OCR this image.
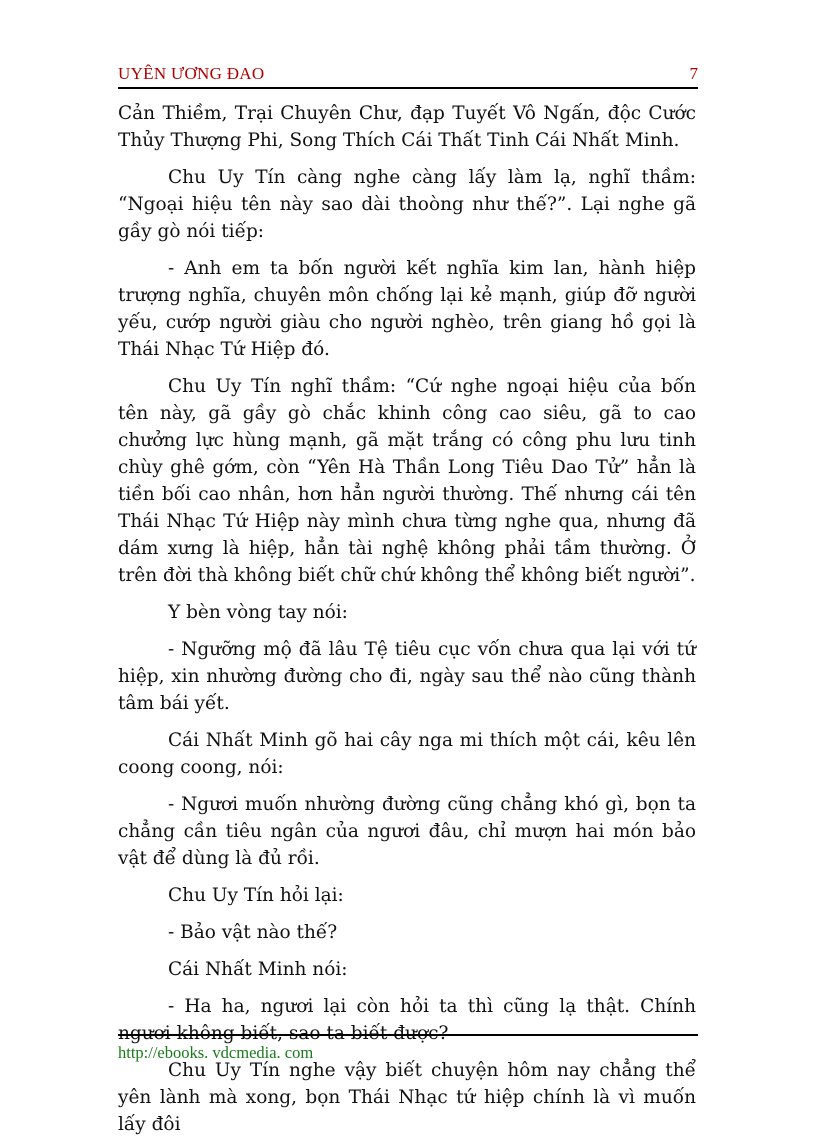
UYÊN ƯƠNG ĐAO	7

Cản Thiềm, Trại Chuyên Chư, đạp Tuyết Vô Ngấn, độc Cước Thủy Thượng Phi, Song Thích Cái Thất Tinh Cái Nhất Minh.

Chu Uy Tín càng nghe càng lấy làm lạ, nghĩ thầm: “Ngoại hiệu tên này sao dài thoòng như thế?”. Lại nghe gã gầy gò nói tiếp:

- Anh em ta bốn người kết nghĩa kim lan, hành hiệp trượng nghĩa, chuyên môn chống lại kẻ mạnh, giúp đỡ người yếu, cướp người giàu cho người nghèo, trên giang hồ gọi là Thái Nhạc Tứ Hiệp đó.

Chu Uy Tín nghĩ thầm: “Cứ nghe ngoại hiệu của bốn tên này, gã gầy gò chắc khinh công cao siêu, gã to cao chưởng lực hùng mạnh, gã mặt trắng có công phu lưu tinh chùy ghê gớm, còn “Yên Hà Thần Long Tiêu Dao Tử” hẳn là tiền bối cao nhân, hơn hẳn người thường. Thế nhưng cái tên Thái Nhạc Tứ Hiệp này mình chưa từng nghe qua, nhưng đã dám xưng là hiệp, hẳn tài nghệ không phải tầm thường. Ở trên đời thà không biết chữ chứ không thể không biết người”.

Y bèn vòng tay nói:

- Ngưỡng mộ đã lâu Tệ tiêu cục vốn chưa qua lại với tứ hiệp, xin nhường đường cho đi, ngày sau thể nào cũng thành tâm bái yết.

Cái Nhất Minh gõ hai cây nga mi thích một cái, kêu lên coong coong, nói:

- Ngươi muốn nhường đường cũng chẳng khó gì, bọn ta chẳng cần tiêu ngân của ngươi đâu, chỉ mượn hai món bảo vật để dùng là đủ rồi.

Chu Uy Tín hỏi lại:

- Bảo vật nào thế?

Cái Nhất Minh nói:

- Ha ha, ngươi lại còn hỏi ta thì cũng lạ thật. Chính ngươi không biết, sao ta biết được?

Chu Uy Tín nghe vậy biết chuyện hôm nay chẳng thể yên lành mà xong, bọn Thái Nhạc tứ hiệp chính là vì muốn lấy đôi

http://ebooks. vdcmedia. com
